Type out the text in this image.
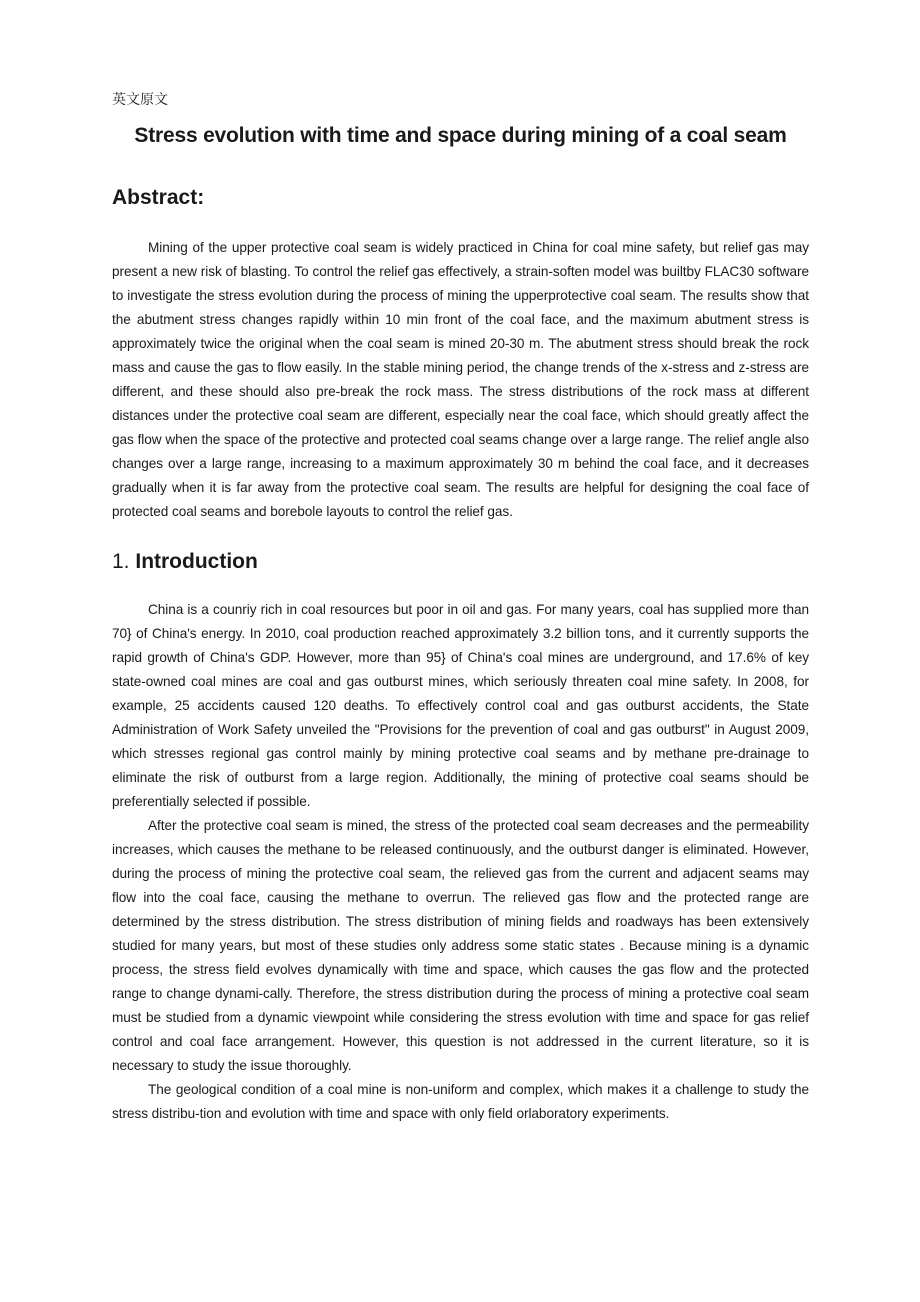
英文原文

Stress evolution with time and space during mining of a coal seam
Abstract:

Mining of the upper protective coal seam is widely practiced in China for coal mine safety, but relief gas may present a new risk of blasting. To control the relief gas effectively, a strain-soften model was builtby FLAC30 software to investigate the stress evolution during the process of mining the upperprotective coal seam. The results show that the abutment stress changes rapidly within 10 min front of the coal face, and the maximum abutment stress is approximately twice the original when the coal seam is mined 20-30 m. The abutment stress should break the rock mass and cause the gas to flow easily. In the stable mining period, the change trends of the x-stress and z-stress are different, and these should also pre-break the rock mass. The stress distributions of the rock mass at different distances under the protective coal seam are different, especially near the coal face, which should greatly affect the gas flow when the space of the protective and protected coal seams change over a large range. The relief angle also changes over a large range, increasing to a maximum approximately 30 m behind the coal face, and it decreases gradually when it is far away from the protective coal seam. The results are helpful for designing the coal face of protected coal seams and borebole layouts to control the relief gas.

1. Introduction

China is a counriy rich in coal resources but poor in oil and gas. For many years, coal has supplied more than 70} of China's energy. In 2010, coal production reached approximately 3.2 billion tons, and it currently supports the rapid growth of China's GDP. However, more than 95} of China's coal mines are underground, and 17.6% of key state-owned coal mines are coal and gas outburst mines, which seriously threaten coal mine safety. In 2008, for example, 25 accidents caused 120 deaths. To effectively control coal and gas outburst accidents, the State Administration of Work Safety unveiled the "Provisions for the prevention of coal and gas outburst" in August 2009, which stresses regional gas control mainly by mining protective coal seams and by methane pre-drainage to eliminate the risk of outburst from a large region. Additionally, the mining of protective coal seams should be preferentially selected if possible.

After the protective coal seam is mined, the stress of the protected coal seam decreases and the permeability increases, which causes the methane to be released continuously, and the outburst danger is eliminated. However, during the process of mining the protective coal seam, the relieved gas from the current and adjacent seams may flow into the coal face, causing the methane to overrun. The relieved gas flow and the protected range are determined by the stress distribution. The stress distribution of mining fields and roadways has been extensively studied for many years, but most of these studies only address some static states . Because mining is a dynamic process, the stress field evolves dynamically with time and space, which causes the gas flow and the protected range to change dynami-cally. Therefore, the stress distribution during the process of mining a protective coal seam must be studied from a dynamic viewpoint while considering the stress evolution with time and space for gas relief control and coal face arrangement. However, this question is not addressed in the current literature, so it is necessary to study the issue thoroughly.

The geological condition of a coal mine is non-uniform and complex, which makes it a challenge to study the stress distribu-tion and evolution with time and space with only field orlaboratory experiments.
